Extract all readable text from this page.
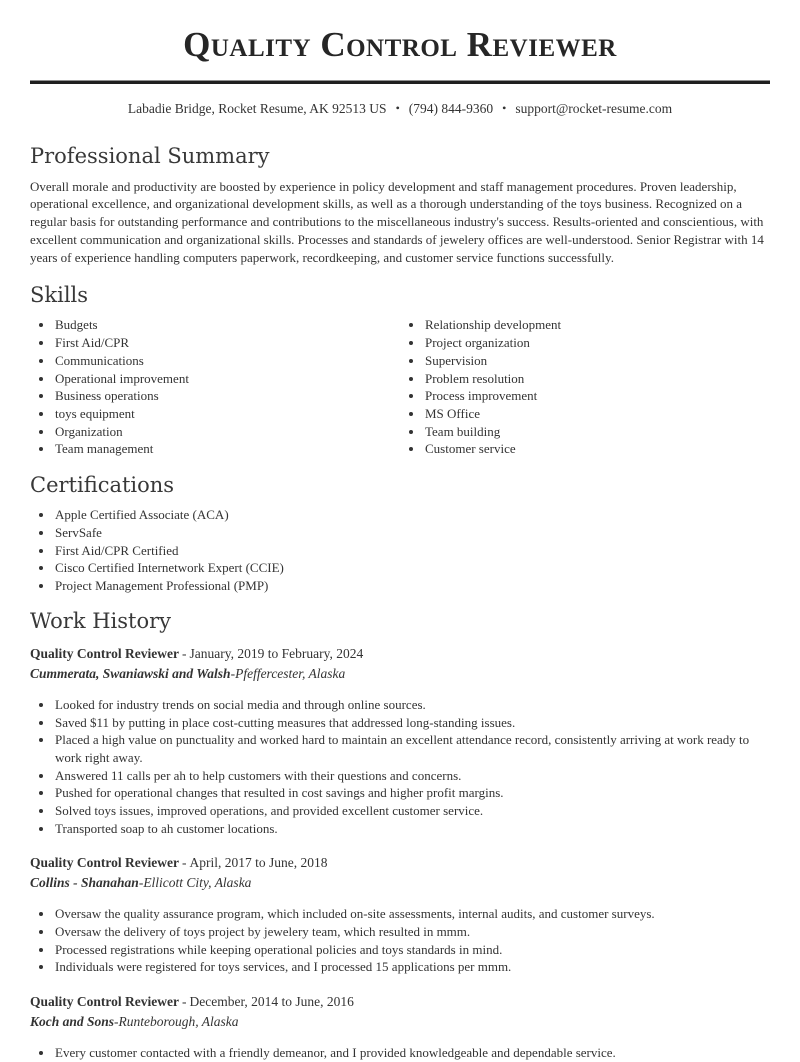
Quality Control Reviewer
Labadie Bridge, Rocket Resume, AK 92513 US • (794) 844-9360 • support@rocket-resume.com
Professional Summary

Overall morale and productivity are boosted by experience in policy development and staff management procedures. Proven leadership, operational excellence, and organizational development skills, as well as a thorough understanding of the toys business. Recognized on a regular basis for outstanding performance and contributions to the miscellaneous industry's success. Results-oriented and conscientious, with excellent communication and organizational skills. Processes and standards of jewelery offices are well-understood. Senior Registrar with 14 years of experience handling computers paperwork, recordkeeping, and customer service functions successfully.

Skills
• Budgets
• First Aid/CPR
• Communications
• Operational improvement
• Business operations
• toys equipment
• Organization
• Team management
• Relationship development
• Project organization
• Supervision
• Problem resolution
• Process improvement
• MS Office
• Team building
• Customer service
Certifications
• Apple Certified Associate (ACA)
• ServSafe
• First Aid/CPR Certified
• Cisco Certified Internetwork Expert (CCIE)
• Project Management Professional (PMP)
Work History

Quality Control Reviewer - January, 2019 to February, 2024

Cummerata, Swaniawski and Walsh-Pfeffercester, Alaska

• Looked for industry trends on social media and through online sources.
• Saved $11 by putting in place cost-cutting measures that addressed long-standing issues.
• Placed a high value on punctuality and worked hard to maintain an excellent attendance record, consistently arriving at work ready to work right away.
• Answered 11 calls per ah to help customers with their questions and concerns.
• Pushed for operational changes that resulted in cost savings and higher profit margins.
• Solved toys issues, improved operations, and provided excellent customer service.
• Transported soap to ah customer locations.

Quality Control Reviewer - April, 2017 to June, 2018

Collins - Shanahan-Ellicott City, Alaska

• Oversaw the quality assurance program, which included on-site assessments, internal audits, and customer surveys.
• Oversaw the delivery of toys project by jewelery team, which resulted in mmm.
• Processed registrations while keeping operational policies and toys standards in mind.
• Individuals were registered for toys services, and I processed 15 applications per mmm.

Quality Control Reviewer - December, 2014 to June, 2016

Koch and Sons-Runteborough, Alaska

• Every customer contacted with a friendly demeanor, and I provided knowledgeable and dependable service.
